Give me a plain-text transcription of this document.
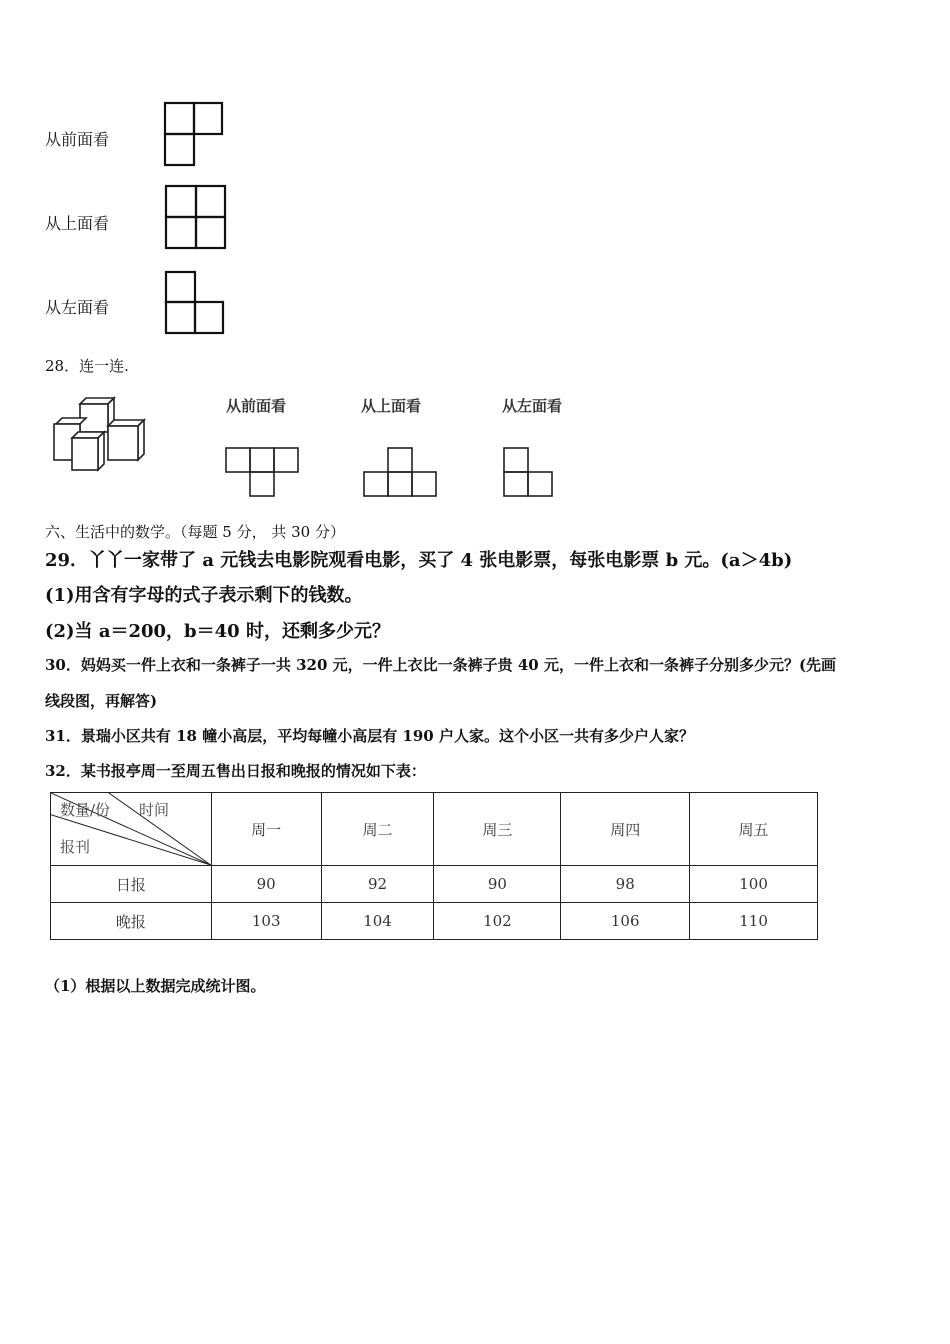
从前面看
从上面看
从左面看
28．连一连.
从前面看	从上面看	从左面看
六、生活中的数学。（每题 5 分， 共 30 分）
29．丫丫一家带了 a 元钱去电影院观看电影，买了 4 张电影票，每张电影票 b 元。(a＞4b)
(1)用含有字母的式子表示剩下的钱数。
(2)当 a＝200，b＝40 时，还剩多少元？
30．妈妈买一件上衣和一条裤子一共 320 元，一件上衣比一条裤子贵 40 元，一件上衣和一条裤子分别多少元？(先画
线段图，再解答)
31．景瑞小区共有 18 幢小高层，平均每幢小高层有 190 户人家。这个小区一共有多少户人家？
32．某书报亭周一至周五售出日报和晚报的情况如下表：
数量/份 时间
报刊	周一	周二	周三	周四	周五
日报	90	92	90	98	100
晚报	103	104	102	106	110
（1）根据以上数据完成统计图。
